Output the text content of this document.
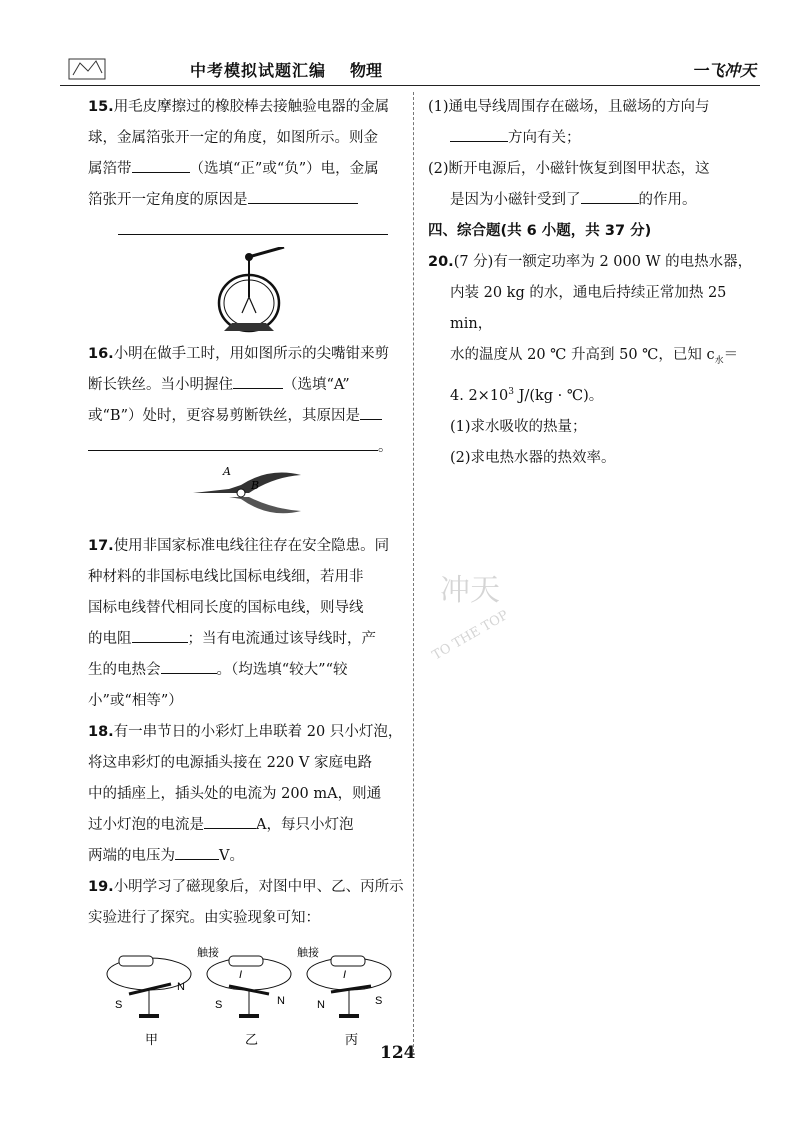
中考模拟试题汇编 物理	一飞冲天
15.用毛皮摩擦过的橡胶棒去接触验电器的金属
球，金属箔张开一定的角度，如图所示。则金
属箔带	（选填“正”或“负”）电，金属
箔张开一定角度的原因是
16.小明在做手工时，用如图所示的尖嘴钳来剪
断长铁丝。当小明握住	（选填“A”
或“B”）处时，更容易剪断铁丝，其原因是
。
A
B
17.使用非国家标准电线往往存在安全隐患。同
种材料的非国标电线比国标电线细，若用非
国标电线替代相同长度的国标电线，则导线
的电阻	；当有电流通过该导线时，产
生的电热会	。（均选填“较大”“较
小”或“相等”）
18.有一串节日的小彩灯上串联着 20 只小灯泡，
将这串彩灯的电源插头接在 220 V 家庭电路
中的插座上，插头处的电流为 200 mA，则通
过小灯泡的电流是	A，每只小灯泡
两端的电压为	V。
19.小明学习了磁现象后，对图中甲、乙、丙所示
实验进行了探究。由实验现象可知：
S
N
甲
触接
I
S	N
乙
触接
I
N	S
丙
(1)通电导线周围存在磁场，且磁场的方向与
方向有关；
(2)断开电源后，小磁针恢复到图甲状态，这
是因为小磁针受到了	的作用。
四、综合题(共 6 小题，共 37 分)
20.(7 分)有一额定功率为 2 000 W 的电热水器，
内装 20 kg 的水，通电后持续正常加热 25 min，
水的温度从 20 ℃ 升高到 50 ℃，已知 $c_水=$
4. $2\times 10^3$ J/(kg · ℃)。
(1)求水吸收的热量；
(2)求电热水器的热效率。
冲天
TO THE TOP
124
